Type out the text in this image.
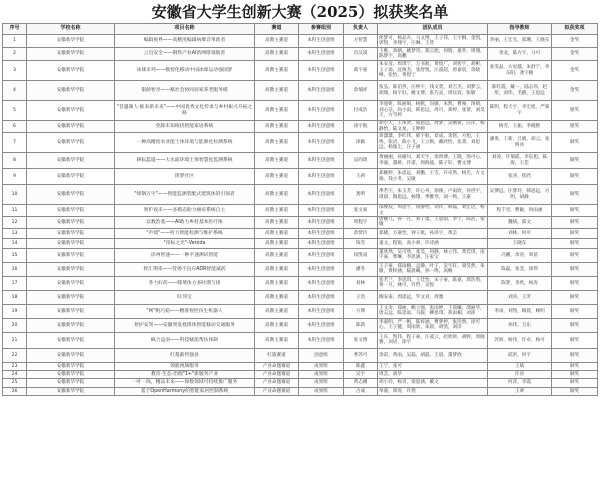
安徽省大学生创新大赛（2025）拟获奖名单
序号	学校名称	项目名称	赛道	参赛组别	负责人	团队成员	指导教师	拟获奖项
1	安徽新华学院	编辑视界——高精度编辑病爆音革新者	高教主赛道	本科生创意组	方智慧	侯梦可，杨品卉，马文博，王子伟，王宇桐，金凯，郭凯，李翔宇，汪琳，王萱	李丽，王宏光，郑珊，王晓东	金奖
2	安徽新华学院	云启安全——钢铁产业AI新网络领航者	高教主赛道	本科生创意组	肖汉凌	王维，余朝，姚梦奇，郑云旭，何瑞，童乔，周翔，陈梦宇，高鹏	余龙，陈方宇，马可	金奖
3	安徽新华学院	冰球未列——数智化移动中国冰球运动强国梦	高教主赛道	本科生创意组	葛宇豪	朱安彦，周琪宁，万书航，黄煜广，刘智宇，胡彬，王子溢，沈俊杰，张舒悦，汪漠超，唐嘉宸，余晓峰，张怡，黄煜宁	张雯晶，方星越，朱舒宁，李东阳，龚宇楠	金奖
4	安徽新华学院	银龄智享——赋社会协同居家养老服务模	高教主赛道	本科生创意组	余瑞祥	张弘，陈伯焘，汪仲宇，钱文萱，刘吉杰，刘梦云，胡瑞，杨宇轩，姚文博，张巧灵，周钰宸，张敏	陈红霞，戴一，陆志伟，赵彤，刘伟，毛鹤，王思远	金奖
5	安徽新华学院	"昔遇频人·推来新未来"——中国优秀文化传承与乡村振兴开拓之路	高教主赛道	本科生创意组	付成浩	李旭妍，陈丽娟，杨帆，向敏，朱凯，曹俊，汤婧，刘心洁，尚小雨，韩思远，周可，郑婷，张倩，刘昊天，方雪婷	陈明，程天宇，李宏旭，严慕宇	银奖
6	安徽新华学院	免除未知烦扰智能家居系统	高教主赛道	本科生创意组	徐宇航	胡小天，王凤贤，成思远，周梦，吴刚锐，汪洋，杨静怡，陆文星，王婷婷	杨雪，王振，李晓艳	银奖
7	安徽新华学院	一种高精度农业能土体环境与能源化检测系统	高教主赛道	本科生创意组	徐颖	蒋潇潇，李红伟，韩宇航，章成，余铭，方旭，王鸣，张语，陈小飞，王立勋，戴欣怡，张萧，刘思远，杨逸尘，汪子涵	潘勇，王新，吕晓，胡云，张明亮	铜奖
8	安徽新华学院	耕耘蓝道——大水面环境土体智慧化监测系统	高教主赛道	本科生创意组	吴尚琦	黄丽丽，孙晴川，刘天宇，余鸿博，王晓，汤可心，李嘉，董妍，许诺，周海波，陈子轩，曹文博	刘涛，许瑞霞，李东旭，陈海，王佳	铜奖
9	安徽新华学院	铸梦社区	高教主赛道	本科生创意组	王莉	郑婉婷，朱思远，刘鹏，王雪，许卓然，杨光，方文娟，钱小冬，吴敏	张涛，崔欣	铜奖
10	安徽新华学院	"烽钢万宇"——智能监测装配式建筑体的引领者	高教主赛道	本科生创意组	龚明	季若宇，朱玉芳，许心舟，徐俊，卢雨欣，孙世宇，周晨，陶思远，杨翔，季雅琴，刘一鸣，王嘉	吴博远，汪梦玲，韩思远，方明，胡静	铜奖
11	安徽新华学院	智护夜未——多模态助力癌症系统自主	高教主赛道	本科生创意组	张文豪	邵俊辰，周思宇，徐静怡，刘洋，韩磊，刘宏达，杨文	程千里，曹颖，何雨涵	铜奖
12	安徽新华学院	以数治基——AI助力乡村基本医疗体	高教主赛道	本科生创意组	周程宇	唐婉儿，孙一凡，刘子墨，王思雨，李宁，陈浩，张敏	魏斌，邵文	铜奖
13	安徽新华学院	"声境"——听力智能检测与维护系统	高教主赛道	本科生创意组	余梦玲	郑晓，方嘉怡，钟子航，孙泽宇，黄芸	刘林，何可	铜奖
14	安徽新华学院	"帝标之光"-Veroda	高教主赛道	本科生创意组	钱雪	童文，程锐，高小翠，许诗涵	王晓东	铜奖
15	安徽新华学院	徐州智速——一种平速测试智能	高教主赛道	本科生创意组	徐凯南	董欣然，吴可欣，张昊，何静，林立伟，黄佳琪，庞宇豪，曹琳，李思涵，汪家宝	冯鹏，余涛，周蓓	铜奖
16	安徽新华学院	智汇荆来——营扬不良应ADR智能减药	高教主赛道	本科生创意组	潘冬	王子豪，郑雨桐，孟静，叶子，吴宇轩，梁昊然，朱敏，黄梓涵，陆晨曦，孙一鸣，高畅	陈磊，张莹，徐伟	铜奖
17	安徽新华学院	芥力好药——膝菜体方多时期与排	高教主赛道	本科生创意组	刘林	张若兰，李思琪，王佳怡，宋子豪，陈嘉，周浩然，黄一凡，林可，许哲，吴悦	陈梦，李欣，杨涛	铜奖
18	安徽新华学院	旺邻宝	高教主赛道	本科生创意组	王浩	陶安泰，周思远，罗文君，周雅	刘涛，王芳	铜奖
19	安徽新华学院	"网"帆巧稳——精准智控仿生机器人	高教主赛道	本科生创意组	方博	王文涛，郑丽，鲍立强，张雨婷，王晨曦，邵丽华，唐志远，陈思雨，马骏，柳思琪，蒋雨桐，刘沛	李雨，刘凯，陶晨，顾明	铜奖
20	安徽新华学院	智护安驾——安徽突发救援体智能移动交通服务	高教主赛道	本科生创意组	陈新	李嘉明，严一帆，陈梓涵，曹梦婷，张浩然，徐可心，王子健，周雨欣，朱晨，胡凯，刘洋	孙伟，卫东	铜奖
21	安徽新华学院	枫合益羽——科技赋能帮扶体制	高教主赛道	本科生创意组	张文博	王东，凯伟，程子豪，汪凌云，赵欣妍，胡婷，周晓雅，刘语，徐宇	苏妍，杨伟，许卓，杨可	铜奖
22	安徽新华学院	红蔓薪传强县	红旅赛道	创意组	季苏可	余雷，黄雨，吴磊，胡磊，王晨，董梦欣	邱洪，何宇	铜奖
23	安徽新华学院	领鹿视频服务	产业命题赛道	成果组	陈鑫	王宁，张可	王斌	铜奖
24	安徽新华学院	教育·生态·治理"1+"新服务产业	产业命题赛道	成果组	吴宇	周芸，胡华	许涛	铜奖
25	安徽新华学院	一叶一线，精品未来——保数领域可持续推广服务	产业命题赛道	成果组	黄志刚	胡小玲，杨奇，梁思涵，戴文	何萍，李霞	铜奖
26	安徽新华学院	基于OpenHarmony的智能家居控制系统	产业命题赛道	成果组	古成	单嘉，周涛，许然	王翠	铜奖
